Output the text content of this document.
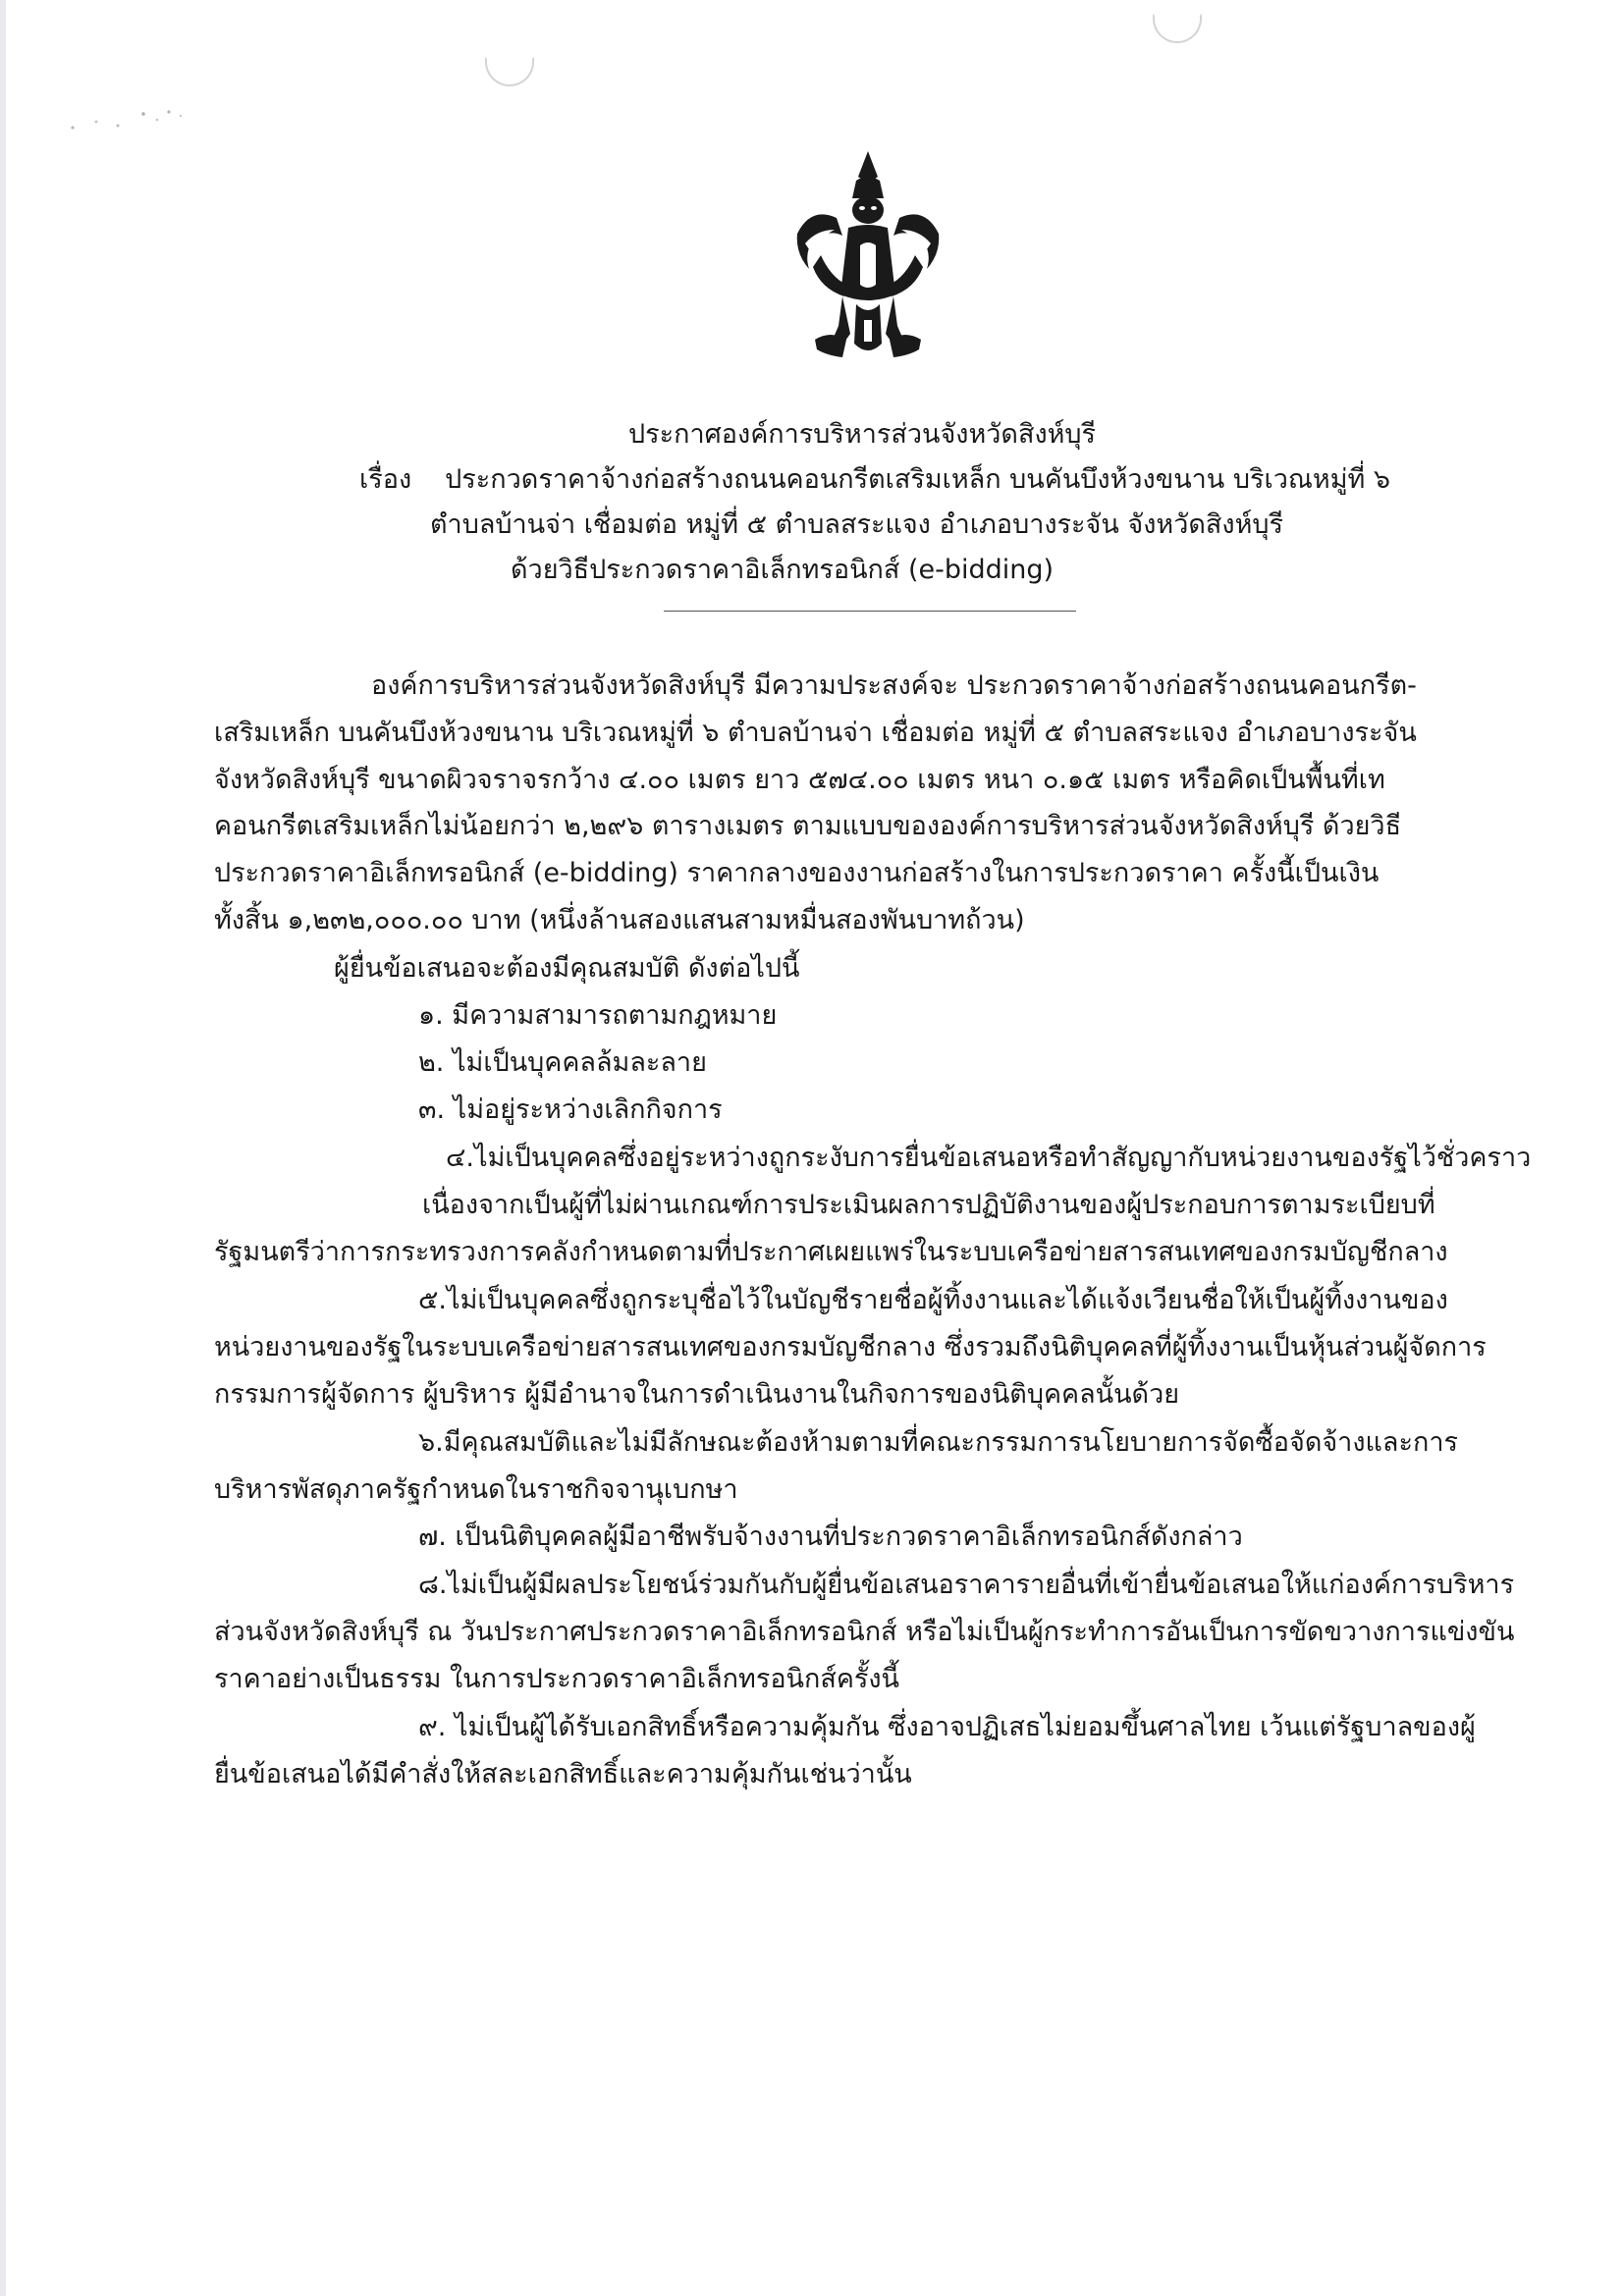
ประกาศองค์การบริหารส่วนจังหวัดสิงห์บุรี
เรื่อง ประกวดราคาจ้างก่อสร้างถนนคอนกรีตเสริมเหล็ก บนคันบึงห้วงขนาน บริเวณหมู่ที่ ๖
ตำบลบ้านจ่า เชื่อมต่อ หมู่ที่ ๕ ตำบลสระแจง อำเภอบางระจัน จังหวัดสิงห์บุรี
ด้วยวิธีประกวดราคาอิเล็กทรอนิกส์ (e-bidding)
องค์การบริหารส่วนจังหวัดสิงห์บุรี มีความประสงค์จะ ประกวดราคาจ้างก่อสร้างถนนคอนกรีต-
เสริมเหล็ก บนคันบึงห้วงขนาน บริเวณหมู่ที่ ๖ ตำบลบ้านจ่า เชื่อมต่อ หมู่ที่ ๕ ตำบลสระแจง อำเภอบางระจัน
จังหวัดสิงห์บุรี ขนาดผิวจราจรกว้าง ๔.๐๐ เมตร ยาว ๕๗๔.๐๐ เมตร หนา ๐.๑๕ เมตร หรือคิดเป็นพื้นที่เท
คอนกรีตเสริมเหล็กไม่น้อยกว่า ๒,๒๙๖ ตารางเมตร ตามแบบขององค์การบริหารส่วนจังหวัดสิงห์บุรี ด้วยวิธี
ประกวดราคาอิเล็กทรอนิกส์ (e-bidding) ราคากลางของงานก่อสร้างในการประกวดราคา ครั้งนี้เป็นเงิน
ทั้งสิ้น ๑,๒๓๒,๐๐๐.๐๐ บาท (หนึ่งล้านสองแสนสามหมื่นสองพันบาทถ้วน)
ผู้ยื่นข้อเสนอจะต้องมีคุณสมบัติ ดังต่อไปนี้
๑. มีความสามารถตามกฎหมาย
๒. ไม่เป็นบุคคลล้มละลาย
๓. ไม่อยู่ระหว่างเลิกกิจการ
๔.ไม่เป็นบุคคลซึ่งอยู่ระหว่างถูกระงับการยื่นข้อเสนอหรือทำสัญญากับหน่วยงานของรัฐไว้ชั่วคราว
เนื่องจากเป็นผู้ที่ไม่ผ่านเกณฑ์การประเมินผลการปฏิบัติงานของผู้ประกอบการตามระเบียบที่
รัฐมนตรีว่าการกระทรวงการคลังกำหนดตามที่ประกาศเผยแพร่ในระบบเครือข่ายสารสนเทศของกรมบัญชีกลาง
๕.ไม่เป็นบุคคลซึ่งถูกระบุชื่อไว้ในบัญชีรายชื่อผู้ทิ้งงานและได้แจ้งเวียนชื่อให้เป็นผู้ทิ้งงานของ
หน่วยงานของรัฐในระบบเครือข่ายสารสนเทศของกรมบัญชีกลาง ซึ่งรวมถึงนิติบุคคลที่ผู้ทิ้งงานเป็นหุ้นส่วนผู้จัดการ
กรรมการผู้จัดการ ผู้บริหาร ผู้มีอำนาจในการดำเนินงานในกิจการของนิติบุคคลนั้นด้วย
๖.มีคุณสมบัติและไม่มีลักษณะต้องห้ามตามที่คณะกรรมการนโยบายการจัดซื้อจัดจ้างและการ
บริหารพัสดุภาครัฐกำหนดในราชกิจจานุเบกษา
๗. เป็นนิติบุคคลผู้มีอาชีพรับจ้างงานที่ประกวดราคาอิเล็กทรอนิกส์ดังกล่าว
๘.ไม่เป็นผู้มีผลประโยชน์ร่วมกันกับผู้ยื่นข้อเสนอราคารายอื่นที่เข้ายื่นข้อเสนอให้แก่องค์การบริหาร
ส่วนจังหวัดสิงห์บุรี ณ วันประกาศประกวดราคาอิเล็กทรอนิกส์ หรือไม่เป็นผู้กระทำการอันเป็นการขัดขวางการแข่งขัน
ราคาอย่างเป็นธรรม ในการประกวดราคาอิเล็กทรอนิกส์ครั้งนี้
๙. ไม่เป็นผู้ได้รับเอกสิทธิ์หรือความคุ้มกัน ซึ่งอาจปฏิเสธไม่ยอมขึ้นศาลไทย เว้นแต่รัฐบาลของผู้
ยื่นข้อเสนอได้มีคำสั่งให้สละเอกสิทธิ์และความคุ้มกันเช่นว่านั้น
